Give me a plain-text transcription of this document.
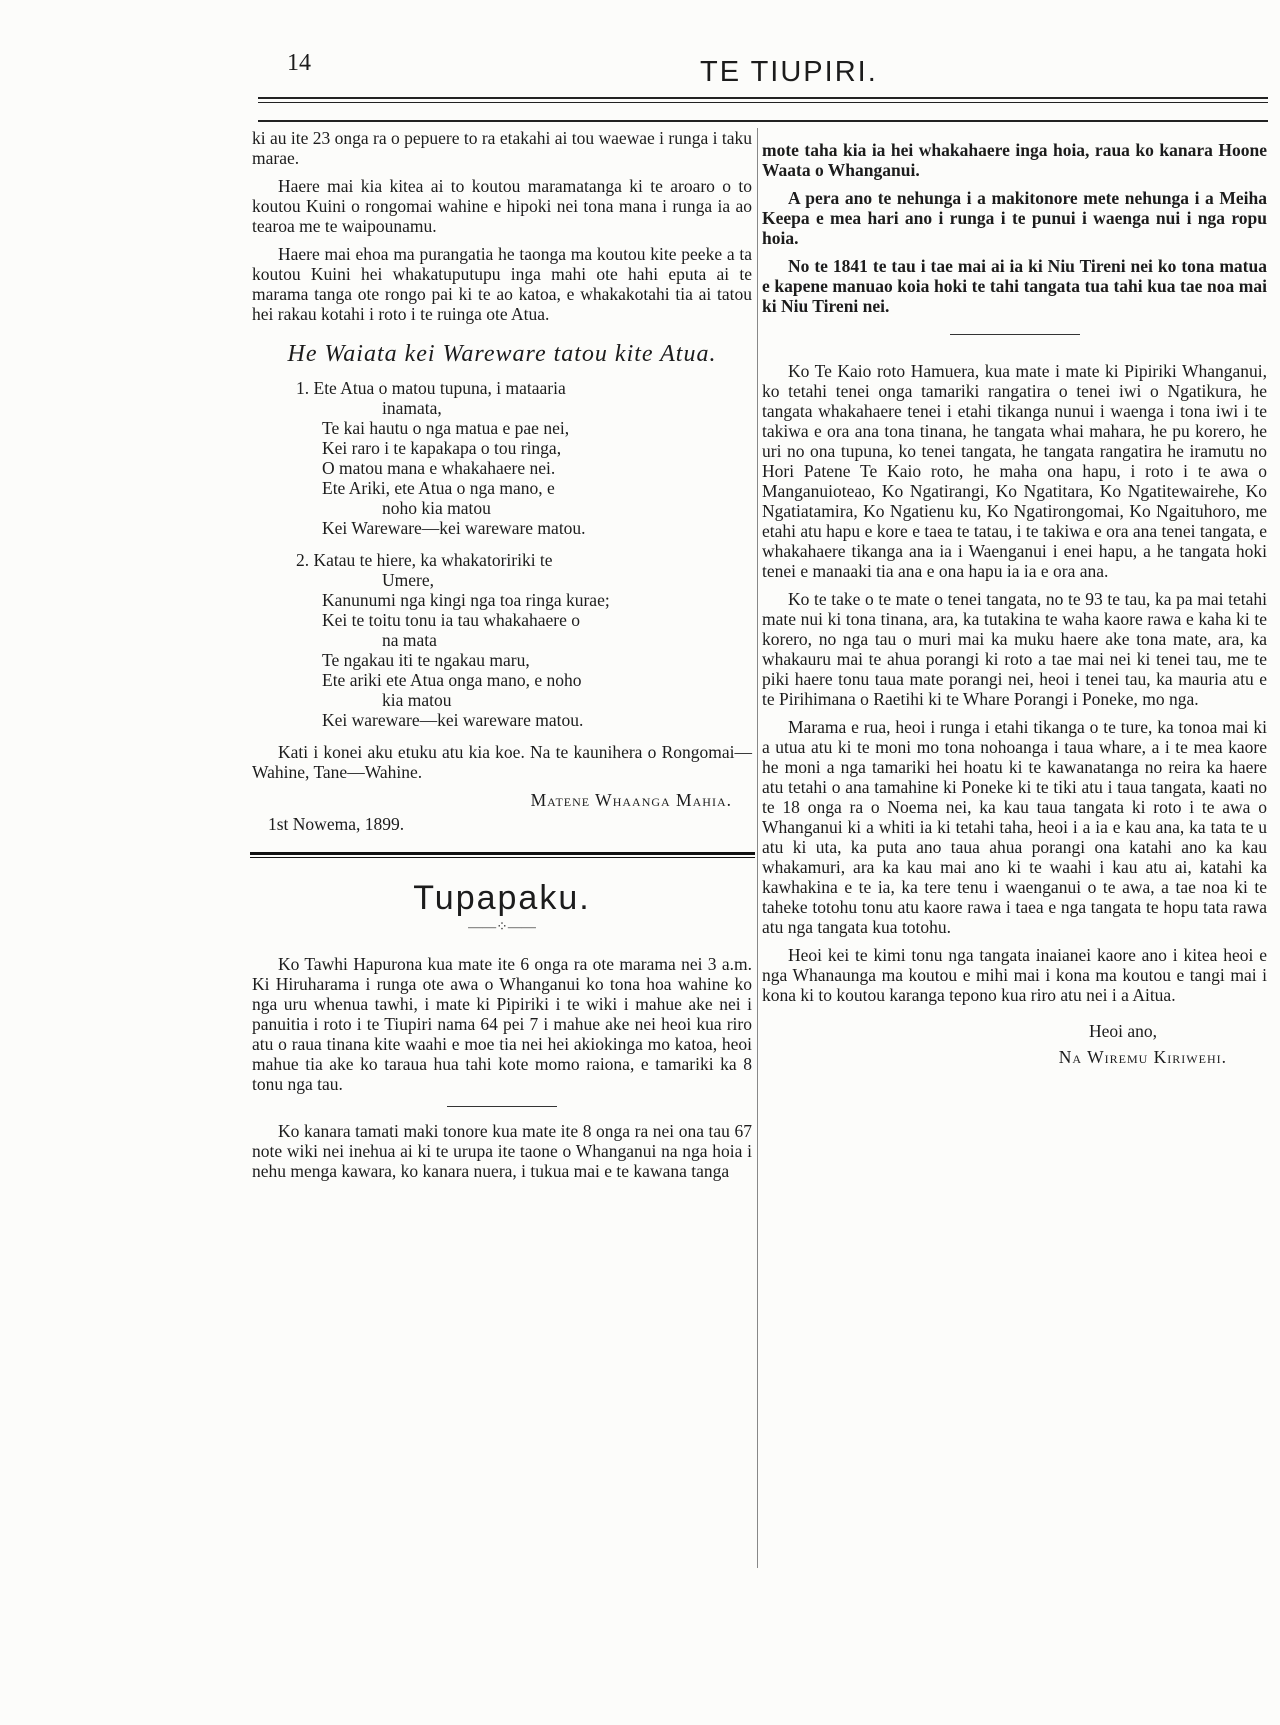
14	TE TIUPIRI.

ki au ite 23 onga ra o pepuere to ra etakahi ai tou waewae i runga i taku marae.

Haere mai kia kitea ai to koutou maramatanga ki te aroaro o to koutou Kuini o rongomai wahine e hipoki nei tona mana i runga ia ao tearoa me te waipounamu.

Haere mai ehoa ma purangatia he taonga ma koutou kite peeke a ta koutou Kuini hei whakatuputupu inga mahi ote hahi eputa ai te marama tanga ote rongo pai ki te ao katoa, e whakakotahi tia ai tatou hei rakau kotahi i roto i te ruinga ote Atua.

He Waiata kei Wareware tatou kite Atua.
1. Ete Atua o matou tupuna, i mataaria
inamata,
Te kai hautu o nga matua e pae nei,
Kei raro i te kapakapa o tou ringa,
O matou mana e whakahaere nei.
Ete Ariki, ete Atua o nga mano, e
noho kia matou
Kei Wareware—kei wareware matou.
2. Katau te hiere, ka whakatoririki te
Umere,
Kanunumi nga kingi nga toa ringa kurae;
Kei te toitu tonu ia tau whakahaere o
na mata
Te ngakau iti te ngakau maru,
Ete ariki ete Atua onga mano, e noho
kia matou
Kei wareware—kei wareware matou.

Kati i konei aku etuku atu kia koe. Na te kaunihera o Rongomai—Wahine, Tane—Wahine.

Matene Whaanga Mahia.

1st Nowema, 1899.

Tupapaku.
——⁘——

Ko Tawhi Hapurona kua mate ite 6 onga ra ote marama nei 3 a.m. Ki Hiruharama i runga ote awa o Whanganui ko tona hoa wahine ko nga uru whenua tawhi, i mate ki Pipiriki i te wiki i mahue ake nei i panuitia i roto i te Tiupiri nama 64 pei 7 i mahue ake nei heoi kua riro atu o raua tinana kite waahi e moe tia nei hei akiokinga mo katoa, heoi mahue tia ake ko taraua hua tahi kote momo raiona, e tamariki ka 8 tonu nga tau.

Ko kanara tamati maki tonore kua mate ite 8 onga ra nei ona tau 67 note wiki nei inehua ai ki te urupa ite taone o Whanganui na nga hoia i nehu menga kawara, ko kanara nuera, i tukua mai e te kawana tanga

mote taha kia ia hei whakahaere inga hoia, raua ko kanara Hoone Waata o Whanganui.

A pera ano te nehunga i a makitonore mete nehunga i a Meiha Keepa e mea hari ano i runga i te punui i waenga nui i nga ropu hoia.

No te 1841 te tau i tae mai ai ia ki Niu Tireni nei ko tona matua e kapene manuao koia hoki te tahi tangata tua tahi kua tae noa mai ki Niu Tireni nei.

Ko Te Kaio roto Hamuera, kua mate i mate ki Pipiriki Whanganui, ko tetahi tenei onga tamariki rangatira o tenei iwi o Ngatikura, he tangata whakahaere tenei i etahi tikanga nunui i waenga i tona iwi i te takiwa e ora ana tona tinana, he tangata whai mahara, he pu korero, he uri no ona tupuna, ko tenei tangata, he tangata rangatira he iramutu no Hori Patene Te Kaio roto, he maha ona hapu, i roto i te awa o Manganuioteao, Ko Ngatirangi, Ko Ngatitara, Ko Ngatitewairehe, Ko Ngatiatamira, Ko Ngatienu ku, Ko Ngatirongomai, Ko Ngaituhoro, me etahi atu hapu e kore e taea te tatau, i te takiwa e ora ana tenei tangata, e whakahaere tikanga ana ia i Waenganui i enei hapu, a he tangata hoki tenei e manaaki tia ana e ona hapu ia ia e ora ana.

Ko te take o te mate o tenei tangata, no te 93 te tau, ka pa mai tetahi mate nui ki tona tinana, ara, ka tutakina te waha kaore rawa e kaha ki te korero, no nga tau o muri mai ka muku haere ake tona mate, ara, ka whakauru mai te ahua porangi ki roto a tae mai nei ki tenei tau, me te piki haere tonu taua mate porangi nei, heoi i tenei tau, ka mauria atu e te Pirihimana o Raetihi ki te Whare Porangi i Poneke, mo nga.

Marama e rua, heoi i runga i etahi tikanga o te ture, ka tonoa mai ki a utua atu ki te moni mo tona nohoanga i taua whare, a i te mea kaore he moni a nga tamariki hei hoatu ki te kawanatanga no reira ka haere atu tetahi o ana tamahine ki Poneke ki te tiki atu i taua tangata, kaati no te 18 onga ra o Noema nei, ka kau taua tangata ki roto i te awa o Whanganui ki a whiti ia ki tetahi taha, heoi i a ia e kau ana, ka tata te u atu ki uta, ka puta ano taua ahua porangi ona katahi ano ka kau whakamuri, ara ka kau mai ano ki te waahi i kau atu ai, katahi ka kawhakina e te ia, ka tere tenu i waenganui o te awa, a tae noa ki te taheke totohu tonu atu kaore rawa i taea e nga tangata te hopu tata rawa atu nga tangata kua totohu.

Heoi kei te kimi tonu nga tangata inaianei kaore ano i kitea heoi e nga Whanaunga ma koutou e mihi mai i kona ma koutou e tangi mai i kona ki to koutou karanga tepono kua riro atu nei i a Aitua.

Heoi ano,

Na Wiremu Kiriwehi.
